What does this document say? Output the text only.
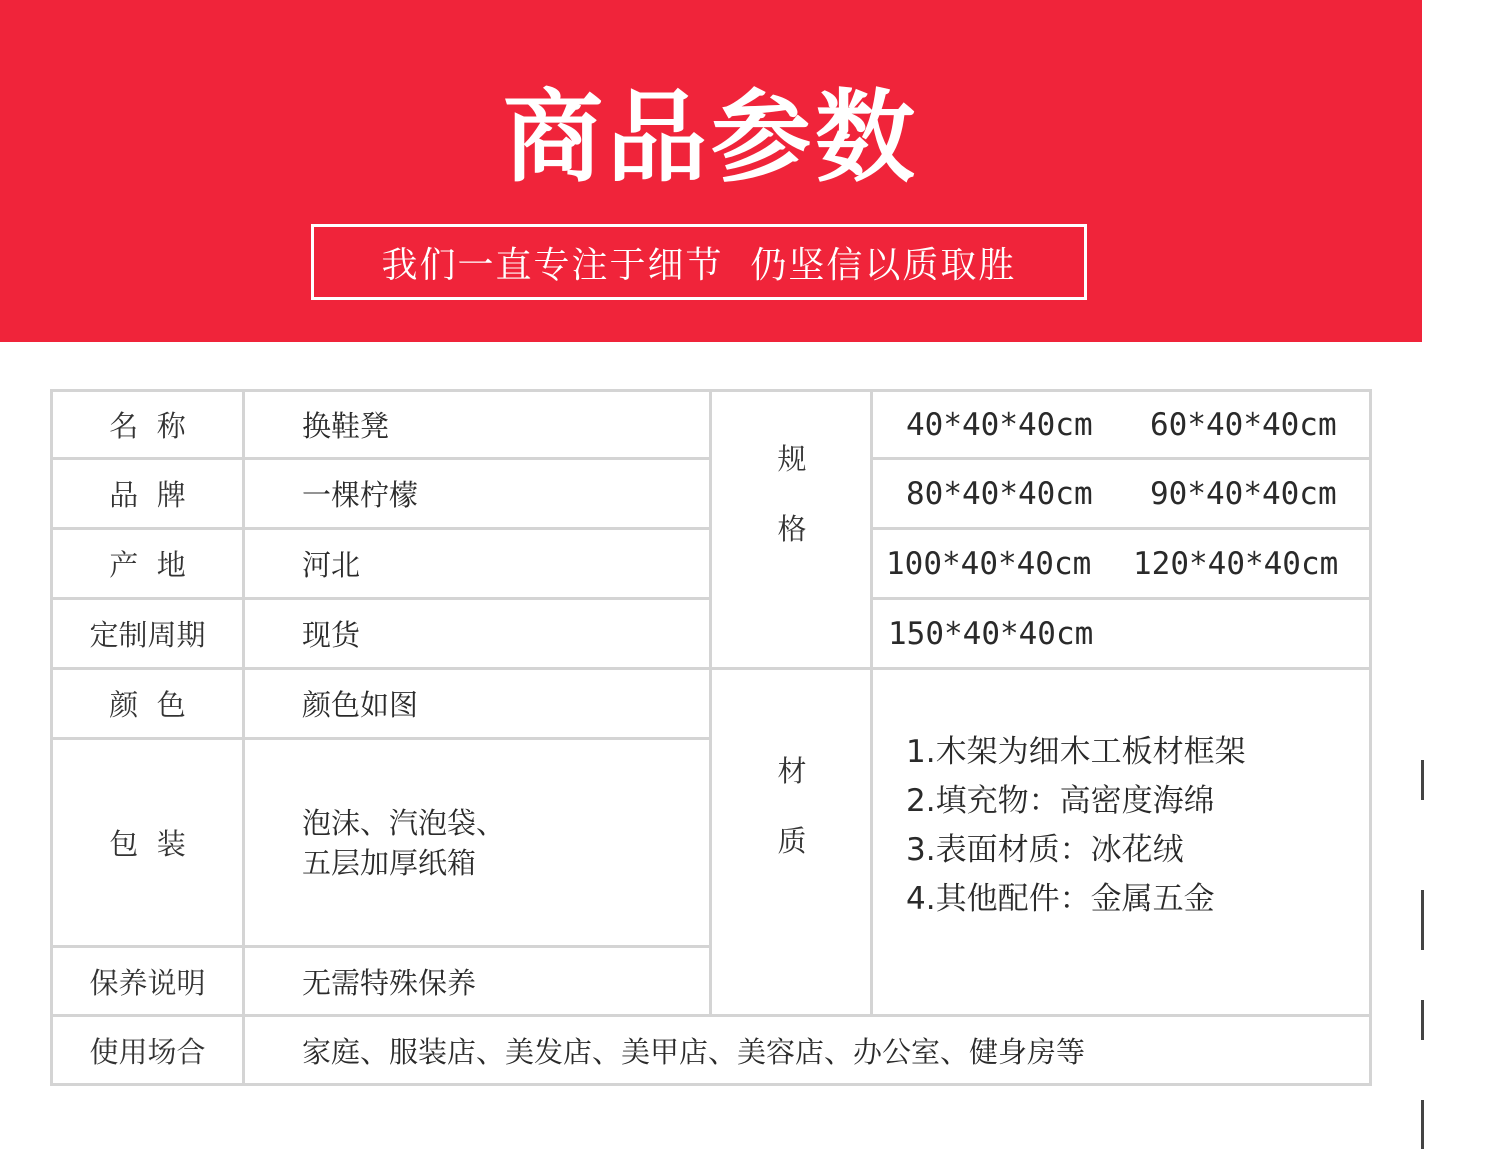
商品参数
我们一直专注于细节  仍坚信以质取胜
名  称
品  牌
产  地
定制周期
颜  色
包  装
保养说明
使用场合
换鞋凳
一棵柠檬
河北
现货
颜色如图
泡沫、汽泡袋、
五层加厚纸箱
无需特殊保养
家庭、服装店、美发店、美甲店、美容店、办公室、健身房等
规
格
40*40*40cm 60*40*40cm
80*40*40cm 90*40*40cm
100*40*40cm 120*40*40cm
150*40*40cm
材
质
1.木架为细木工板材框架
2.填充物：高密度海绵
3.表面材质：冰花绒
4.其他配件：金属五金
